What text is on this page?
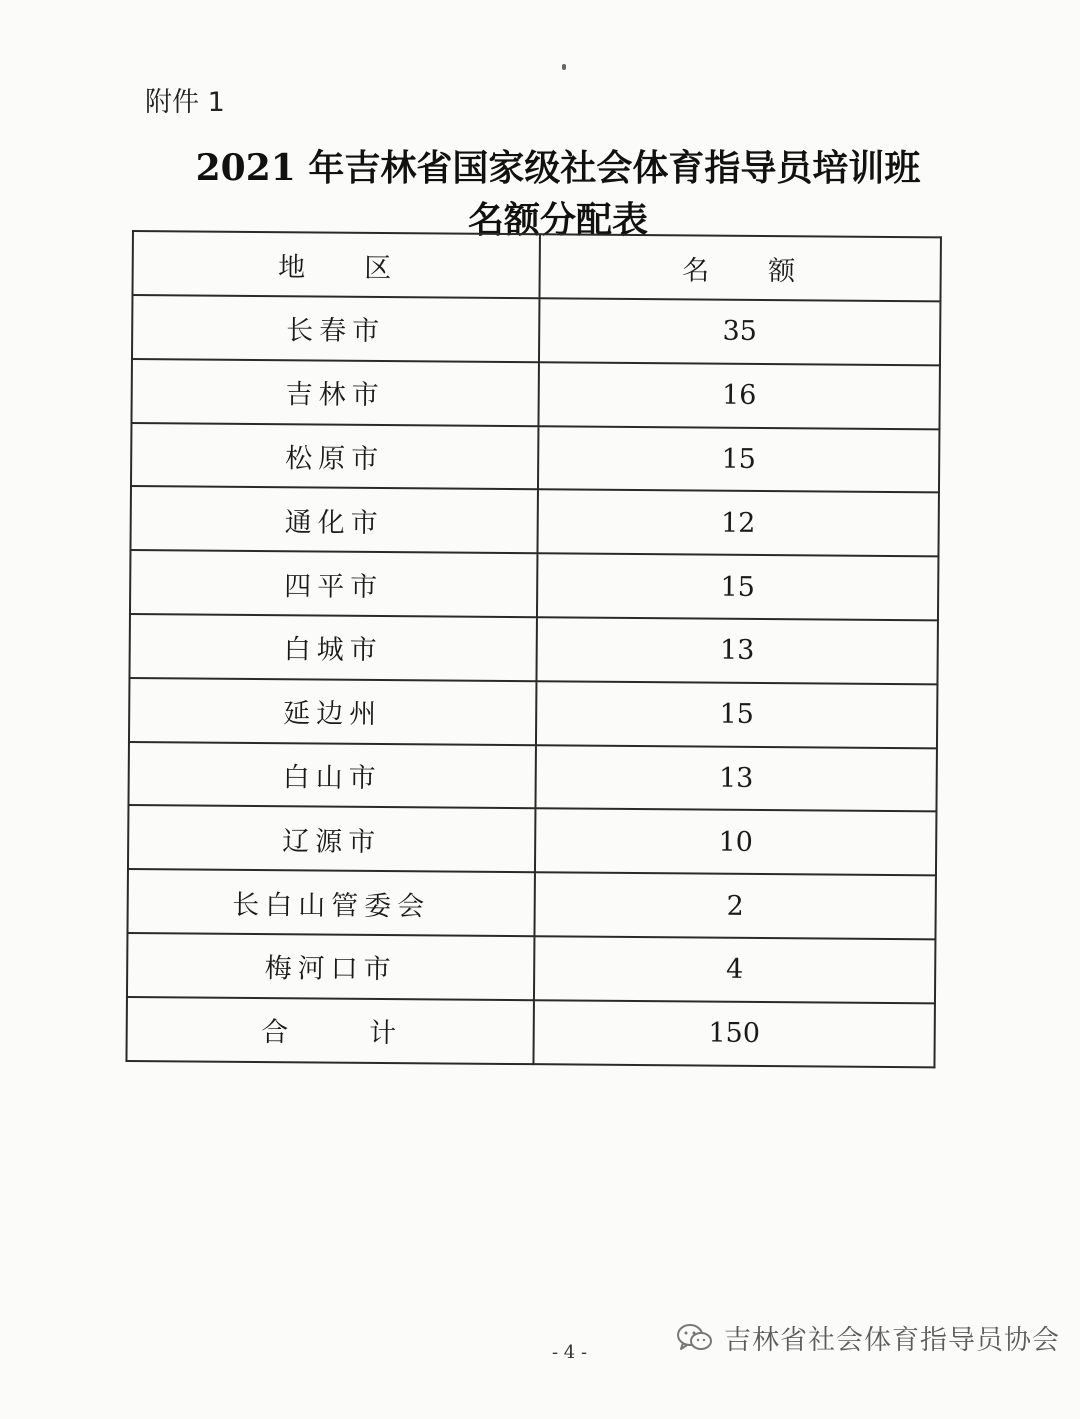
附件 1
2021 年吉林省国家级社会体育指导员培训班
名额分配表
地 区	名 额
长春市	35
吉林市	16
松原市	15
通化市	12
四平市	15
白城市	13
延边州	15
白山市	13
辽源市	10
长白山管委会	2
梅河口市	4
合 计	150
- 4 -	吉林省社会体育指导员协会
